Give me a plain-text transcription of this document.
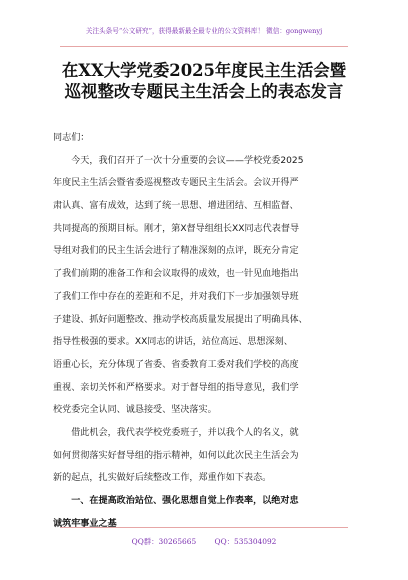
关注头条号“公文研究”，获得最新最全最专业的公文资料库！ 微信：gongwenyj
在XX大学党委2025年度民主生活会暨
巡视整改专题民主生活会上的表态发言
同志们：
　　今天，我们召开了一次十分重要的会议——学校党委2025
年度民主生活会暨省委巡视整改专题民主生活会。会议开得严
肃认真、富有成效，达到了统一思想、增进团结、互相监督、
共同提高的预期目标。刚才，第X督导组组长XX同志代表督导
导组对我们的民主生活会进行了精准深刻的点评，既充分肯定
了我们前期的准备工作和会议取得的成效，也一针见血地指出
了我们工作中存在的差距和不足，并对我们下一步加强领导班
子建设、抓好问题整改、推动学校高质量发展提出了明确具体、
指导性极强的要求。XX同志的讲话，站位高远、思想深刻、
语重心长，充分体现了省委、省委教育工委对我们学校的高度
重视、亲切关怀和严格要求。对于督导组的指导意见，我们学
校党委完全认同、诚恳接受、坚决落实。
　　借此机会，我代表学校党委班子，并以我个人的名义，就
如何贯彻落实好督导组的指示精神，如何以此次民主生活会为
新的起点，扎实做好后续整改工作，郑重作如下表态。
　　一、在提高政治站位、强化思想自觉上作表率，以绝对忠
诚筑牢事业之基
QQ群：30265665 QQ：535304092
